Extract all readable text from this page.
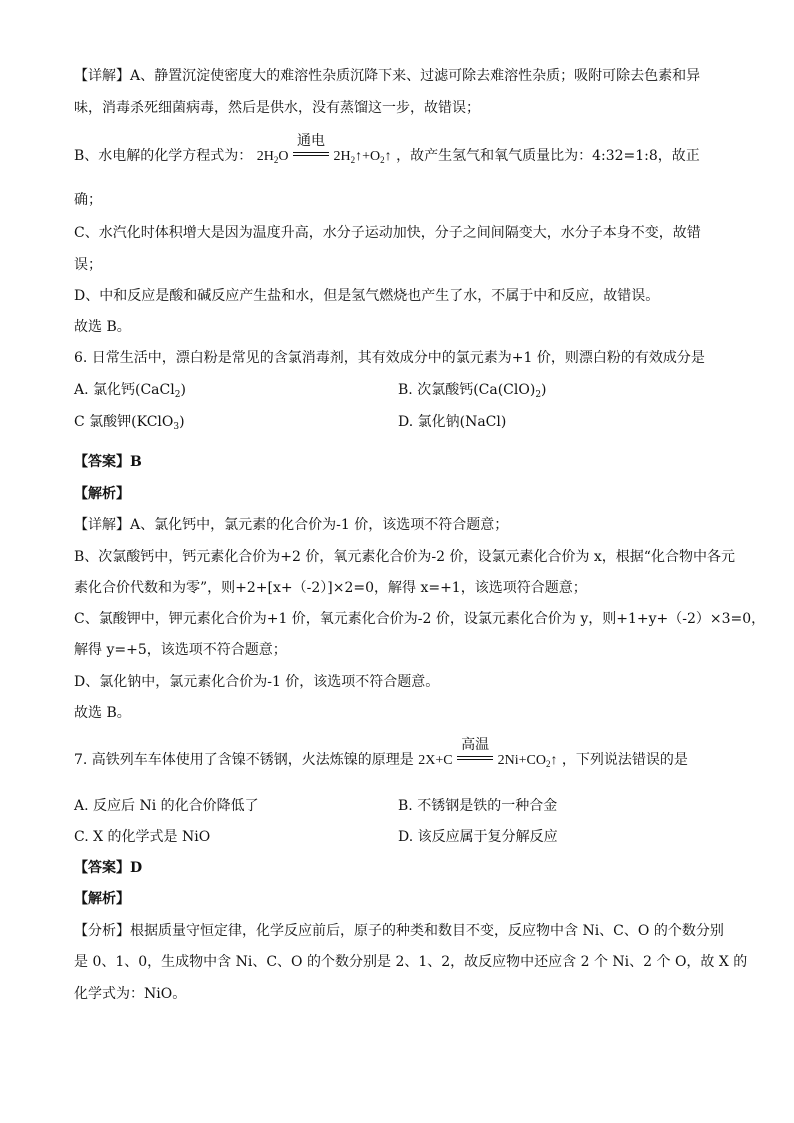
【详解】A、静置沉淀使密度大的难溶性杂质沉降下来、过滤可除去难溶性杂质；吸附可除去色素和异
味，消毒杀死细菌病毒，然后是供水，没有蒸馏这一步，故错误；
B、水电解的化学方程式为： $2H_2O$
通电
$2H_2↑+O_2↑$ ，故产生氢气和氧气质量比为：4:32=1:8，故正
确；
C、水汽化时体积增大是因为温度升高，水分子运动加快，分子之间间隔变大，水分子本身不变，故错
误；
D、中和反应是酸和碱反应产生盐和水，但是氢气燃烧也产生了水，不属于中和反应，故错误。
故选 B。
6. 日常生活中，漂白粉是常见的含氯消毒剂，其有效成分中的氯元素为+1 价，则漂白粉的有效成分是
A. 氯化钙(CaCl$_2$)	B. 次氯酸钙$(Ca(ClO)_2)$
C 氯酸钾(KClO$_3$)	D. 氯化钠(NaCl)
【答案】B
【解析】
【详解】A、氯化钙中，氯元素的化合价为-1 价，该选项不符合题意；
B、次氯酸钙中，钙元素化合价为+2 价，氧元素化合价为-2 价，设氯元素化合价为 x，根据“化合物中各元
素化合价代数和为零”，则+2+[x+（-2）]×2=0，解得 x=+1，该选项符合题意；
C、氯酸钾中，钾元素化合价为+1 价，氧元素化合价为-2 价，设氯元素化合价为 y，则+1+y+（-2）×3=0，
解得 y=+5，该选项不符合题意；
D、氯化钠中，氯元素化合价为-1 价，该选项不符合题意。
故选 B。
7. 高铁列车车体使用了含镍不锈钢，火法炼镍的原理是 2X+C
高温
$2Ni+CO_2↑$ ，下列说法错误的是
A. 反应后 Ni 的化合价降低了	B. 不锈钢是铁的一种合金
C. X 的化学式是 NiO	D. 该反应属于复分解反应
【答案】D
【解析】
【分析】根据质量守恒定律，化学反应前后，原子的种类和数目不变，反应物中含 Ni、C、O 的个数分别
是 0、1、0，生成物中含 Ni、C、O 的个数分别是 2、1、2，故反应物中还应含 2 个 Ni、2 个 O，故 X 的
化学式为：NiO。
